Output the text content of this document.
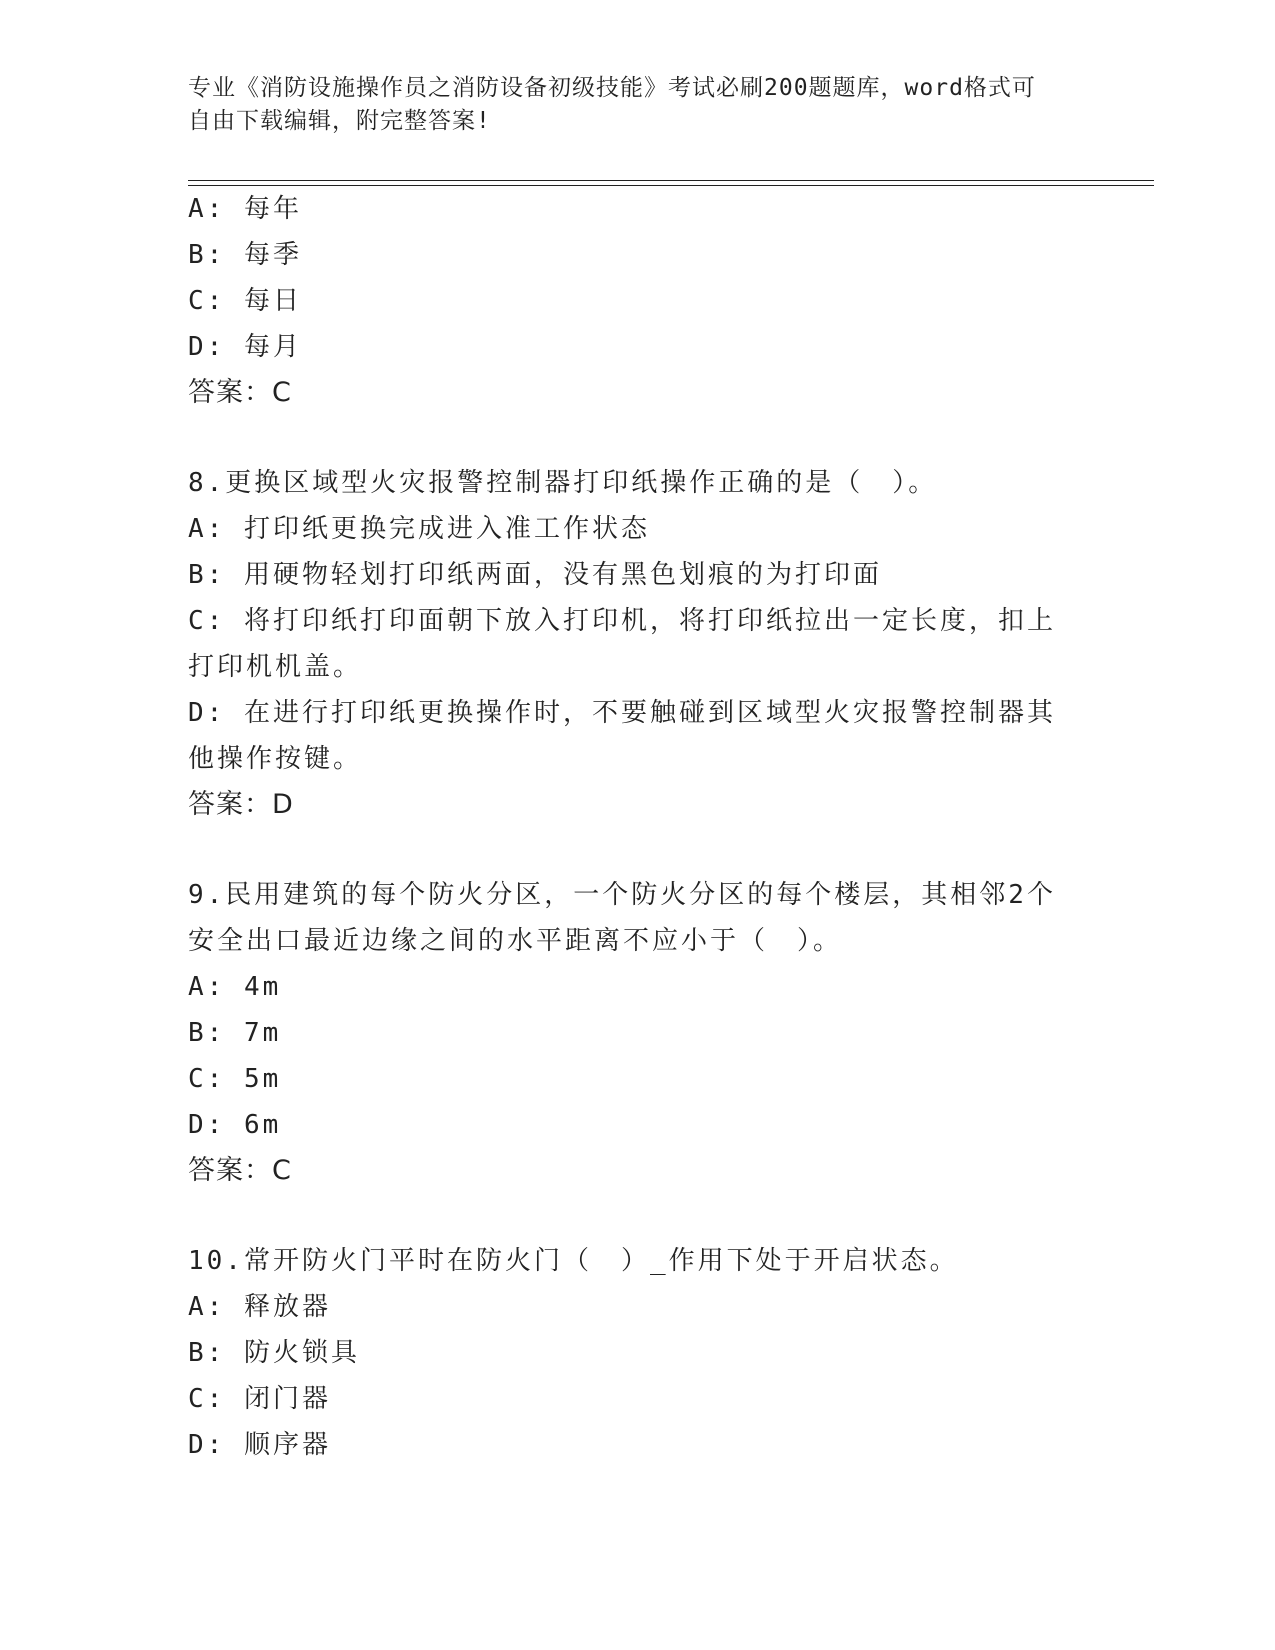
专业《消防设施操作员之消防设备初级技能》考试必刷200题题库，word格式可
自由下载编辑，附完整答案!
A: 每年
B: 每季
C: 每日
D: 每月
答案：C
8.更换区域型火灾报警控制器打印纸操作正确的是（　）。
A: 打印纸更换完成进入准工作状态
B: 用硬物轻划打印纸两面，没有黑色划痕的为打印面
C: 将打印纸打印面朝下放入打印机，将打印纸拉出一定长度，扣上打印机机盖。
D: 在进行打印纸更换操作时，不要触碰到区域型火灾报警控制器其他操作按键。
答案：D
9.民用建筑的每个防火分区，一个防火分区的每个楼层，其相邻2个安全出口最近边缘之间的水平距离不应小于（　）。
A: 4m
B: 7m
C: 5m
D: 6m
答案：C
10.常开防火门平时在防火门（　）_作用下处于开启状态。
A: 释放器
B: 防火锁具
C: 闭门器
D: 顺序器
